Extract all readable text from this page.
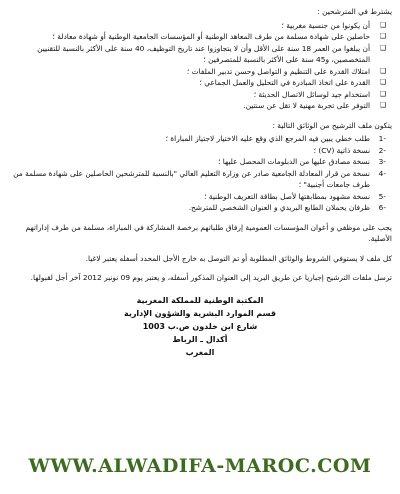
يشترط في المترشحين :

❑
أن يكونوا من جنسية مغربية ؛
❑
حاصلين على شهادة مسلمة من طرف المعاهد الوطنية أو المؤسسات الجامعية الوطنية أو شهادة معادلة ؛
❑
أن يبلغوا من العمر 18 سنة على الأقل وأن لا يتجاوزوا عند تاريخ التوظيف، 40 سنة على الأكثر بالنسبة للتقنيين المتخصصين، و45 سنة على الأكثر بالنسبة للمتصرفين ؛
❑
امتلاك القدرة على التنظيم و التواصل وحسن تدبير الملفات ؛
❑
القدرة على اتخاذ المبادرة في التحليل والعمل الجماعي ؛
❑
استخدام جيد لوسائل الاتصال الحديثة ؛
❑
التوفر على تجربة مهنية لا تقل عن سنتين.

يتكون ملف الترشيح من الوثائق التالية :

1-
طلب خطي يبين فيه المرجع الذي وقع عليه الاختيار لاجتياز المباراة ؛
2-
نسخة ذاتية (CV) ؛
3-
نسخة مصادق عليها من الدبلومات المحصل عليها ؛
4-
نسخة من قرار المعادلة الجامعية صادر عن وزارة التعليم العالي "بالنسبة للمترشحين الحاصلين على شهادة مسلمة من طرف جامعات أجنبية" ؛
5-
نسخة مشهود بمطابقتها لأصل بطاقة التعريف الوطنية ؛
6-
ظرفان يحملان الطابع البريدي و العنوان الشخصي للمترشح.

يجب على موظفي و أعوان المؤسسات العمومية إرفاق طلباتهم برخصة المشاركة في المباراة، مسلمة من طرف إداراتهم الأصلية.

كل ملف لا يستوفي الشروط والوثائق المطلوبة أو تم التوصل به خارج الأجل المحدد أسفله يعتبر لاغيا.

ترسل ملفات الترشيح إجباريا عن طريق البريد إلى العنوان المذكور أسفله، و يعتبر يوم 09 نونبر 2012 آخر أجل لقبولها.

المكتبة الوطنية للمملكة المغربية

قسم الموارد البشرية والشؤون الإدارية

شارع ابن خلدون ص.ب 1003

أكدال ـ الرباط

المغرب

WWW.ALWADIFA-MAROC.COM
